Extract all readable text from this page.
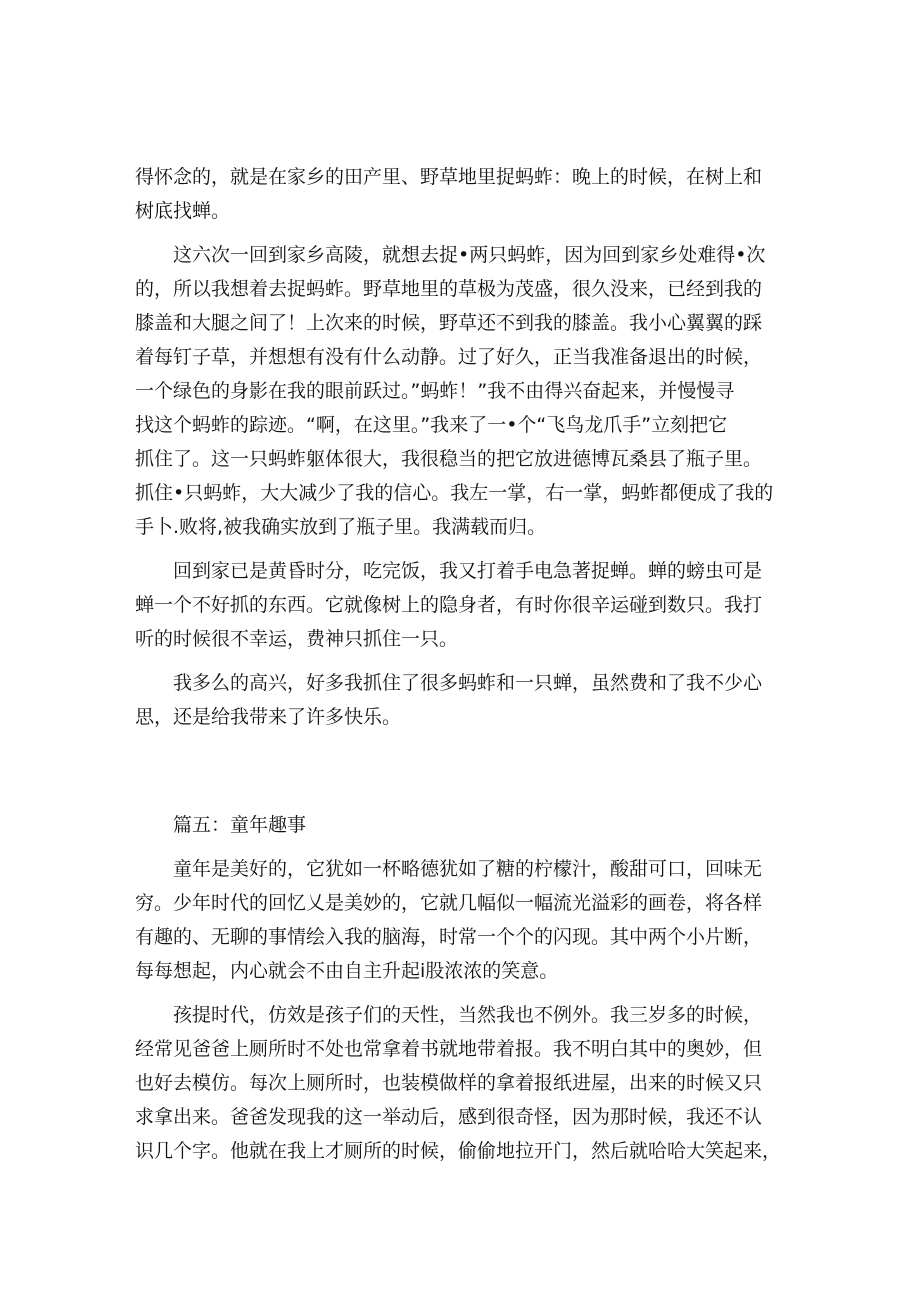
得怀念的，就是在家乡的田产里、野草地里捉蚂蚱：晚上的时候，在树上和
树底找蝉。
这六次一回到家乡高陵，就想去捉•两只蚂蚱，因为回到家乡处难得•次
的，所以我想着去捉蚂蚱。野草地里的草极为茂盛，很久没来，已经到我的
膝盖和大腿之间了！上次来的时候，野草还不到我的膝盖。我小心翼翼的踩
着每钉子草，并想想有没有什么动静。过了好久，正当我准备退出的时候，
一个绿色的身影在我的眼前跃过。”蚂蚱！”我不由得兴奋起来，并慢慢寻
找这个蚂蚱的踪迹。“啊，在这里。”我来了一•个“飞鸟龙爪手”立刻把它
抓住了。这一只蚂蚱躯体很大，我很稳当的把它放进德博瓦桑县了瓶子里。
抓住•只蚂蚱，大大减少了我的信心。我左一掌，右一掌，蚂蚱都便成了我的
手卜.败将,被我确实放到了瓶子里。我满载而归。
回到家已是黄昏时分，吃完饭，我又打着手电急著捉蝉。蝉的螃虫可是
蝉一个不好抓的东西。它就像树上的隐身者，有时你很辛运碰到数只。我打
听的时候很不幸运，费神只抓住一只。
我多么的高兴，好多我抓住了很多蚂蚱和一只蝉，虽然费和了我不少心
思，还是给我带来了许多快乐。
篇五：童年趣事
童年是美好的，它犹如一杯略德犹如了糖的柠檬汁，酸甜可口，回味无
穷。少年时代的回忆乂是美妙的，它就几幅似一幅流光溢彩的画卷，将各样
有趣的、无聊的事情绘入我的脑海，时常一个个的闪现。其中两个小片断，
每每想起，内心就会不由自主升起i股浓浓的笑意。
孩提时代，仿效是孩子们的天性，当然我也不例外。我三岁多的时候，
经常见爸爸上厕所时不处也常拿着书就地带着报。我不明白其中的奥妙，但
也好去模仿。每次上厕所时，也装模做样的拿着报纸进屋，出来的时候又只
求拿出来。爸爸发现我的这一举动后，感到很奇怪，因为那时候，我还不认
识几个字。他就在我上才厕所的时候，偷偷地拉开门，然后就哈哈大笑起来，
